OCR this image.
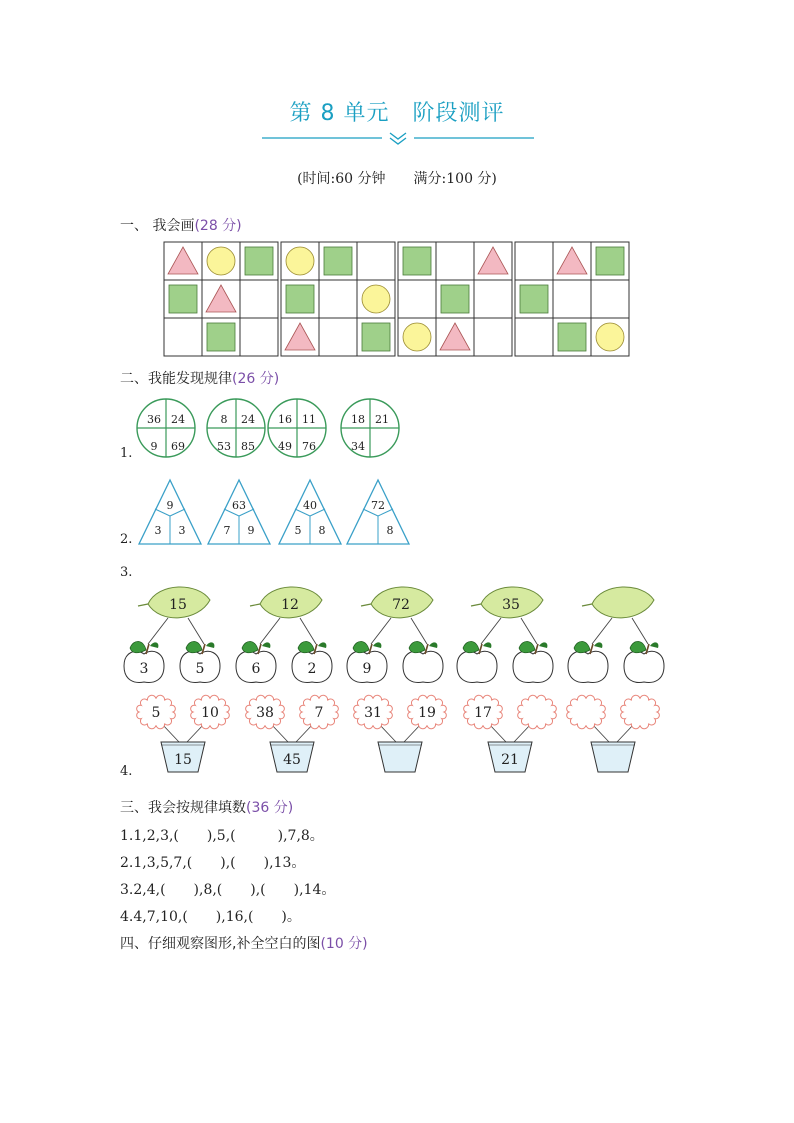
第 8 单元　阶段测评
(时间:60 分钟　　满分:100 分)
一、 我会画(28 分)
二、我能发现规律(26 分)
1.
36 24
9 69
8 24
53 85
16 11
49 76
18 21
34
2.
9
3 3
63
7 9
40
5 8
72
8
3.
15
3	5
12
6	2
72
9
35
4.
5	10
15
38	7
45
31	19	17
21
三、我会按规律填数(36 分)
1.1,2,3,(　　),5,(　　　),7,8。
2.1,3,5,7,(　　),(　　),13。
3.2,4,(　　),8,(　　),(　　),14。
4.4,7,10,(　　),16,(　　)。
四、仔细观察图形,补全空白的图(10 分)
